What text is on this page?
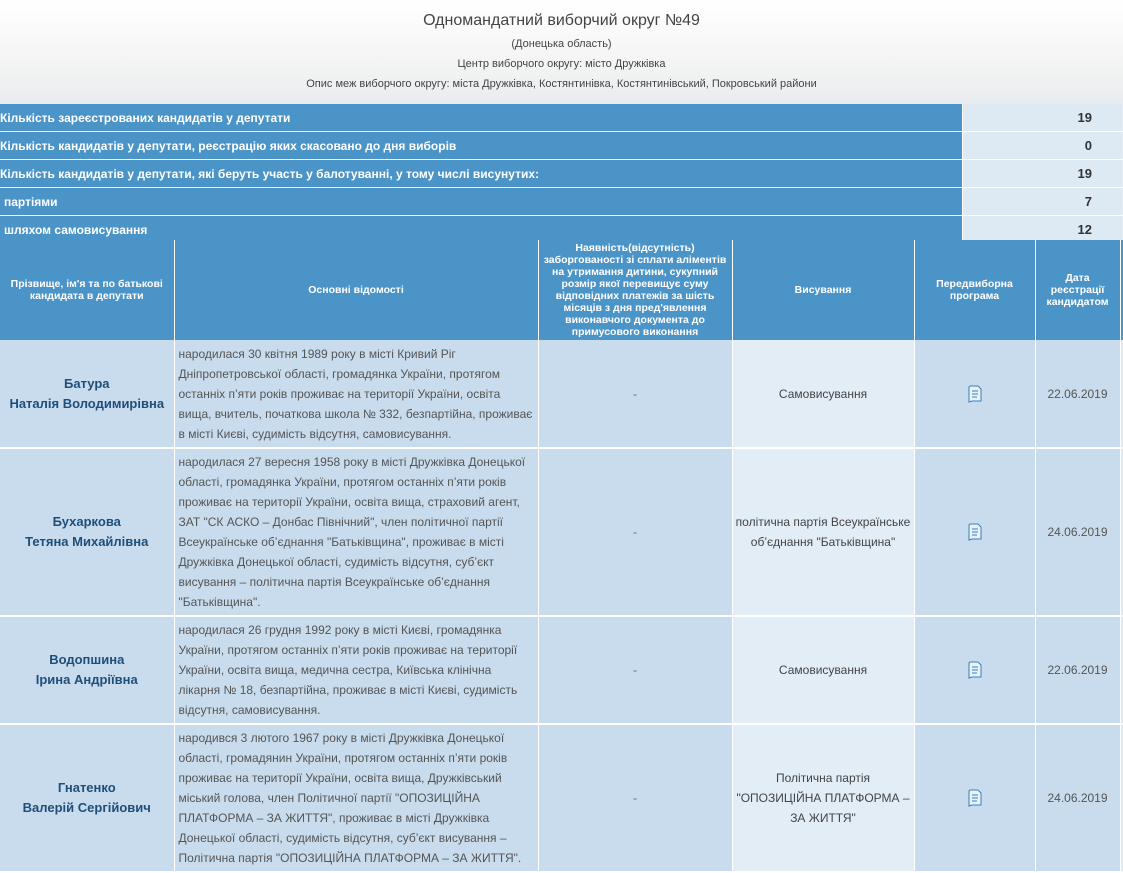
Одномандатний виборчий округ №49
(Донецька область)
Центр виборчого округу: місто Дружківка
Опис меж виборчого округу: міста Дружківка, Костянтинівка, Костянтинівський, Покровський райони
Кількість зареєстрованих кандидатів у депутати	19	
Кількість кандидатів у депутати, реєстрацію яких скасовано до дня виборів	0	
Кількість кандидатів у депутати, які беруть участь у балотуванні, у тому числі висунутих:	19	
партіями	7	
шляхом самовисування	12	
Прізвище, ім'я та по батькові кандидата в депутати	Основні відомості	Наявність(відсутність) заборгованості зі сплати аліментів на утримання дитини, сукупний розмір якої перевищує суму відповідних платежів за шість місяців з дня пред'явлення виконавчого документа до примусового виконання	Висування	Передвиборна програма	Дата реєстрації кандидатом	

Батура
Наталія Володимирівна	народилася 30 квітня 1989 року в місті Кривий Ріг Дніпропетровської області, громадянка України, протягом останніх п’яти років проживає на території України, освіта вища, вчитель, початкова школа № 332, безпартійна, проживає в місті Києві, судимість відсутня, самовисування.	-	Самовисування		22.06.2019	

Бухаркова
Тетяна Михайлівна	народилася 27 вересня 1958 року в місті Дружківка Донецької області, громадянка України, протягом останніх п’яти років проживає на території України, освіта вища, страховий агент, ЗАТ "СК АСКО – Донбас Північний", член політичної партії Всеукраїнське об’єднання "Батьківщина", проживає в місті Дружківка Донецької області, судимість відсутня, суб’єкт висування – політична партія Всеукраїнське об’єднання "Батьківщина".	-	політична партія Всеукраїнське об’єднання "Батьківщина"		24.06.2019	

Водопшина
Ірина Андріївна	народилася 26 грудня 1992 року в місті Києві, громадянка України, протягом останніх п’яти років проживає на території України, освіта вища, медична сестра, Київська клінічна лікарня № 18, безпартійна, проживає в місті Києві, судимість відсутня, самовисування.	-	Самовисування		22.06.2019	

Гнатенко
Валерій Сергійович	народився 3 лютого 1967 року в місті Дружківка Донецької області, громадянин України, протягом останніх п’яти років проживає на території України, освіта вища, Дружківський міський голова, член Політичної партії "ОПОЗИЦІЙНА ПЛАТФОРМА – ЗА ЖИТТЯ", проживає в місті Дружківка Донецької області, судимість відсутня, суб’єкт висування – Політична партія "ОПОЗИЦІЙНА ПЛАТФОРМА – ЗА ЖИТТЯ".	-	Політична партія "ОПОЗИЦІЙНА ПЛАТФОРМА – ЗА ЖИТТЯ"		24.06.2019	
